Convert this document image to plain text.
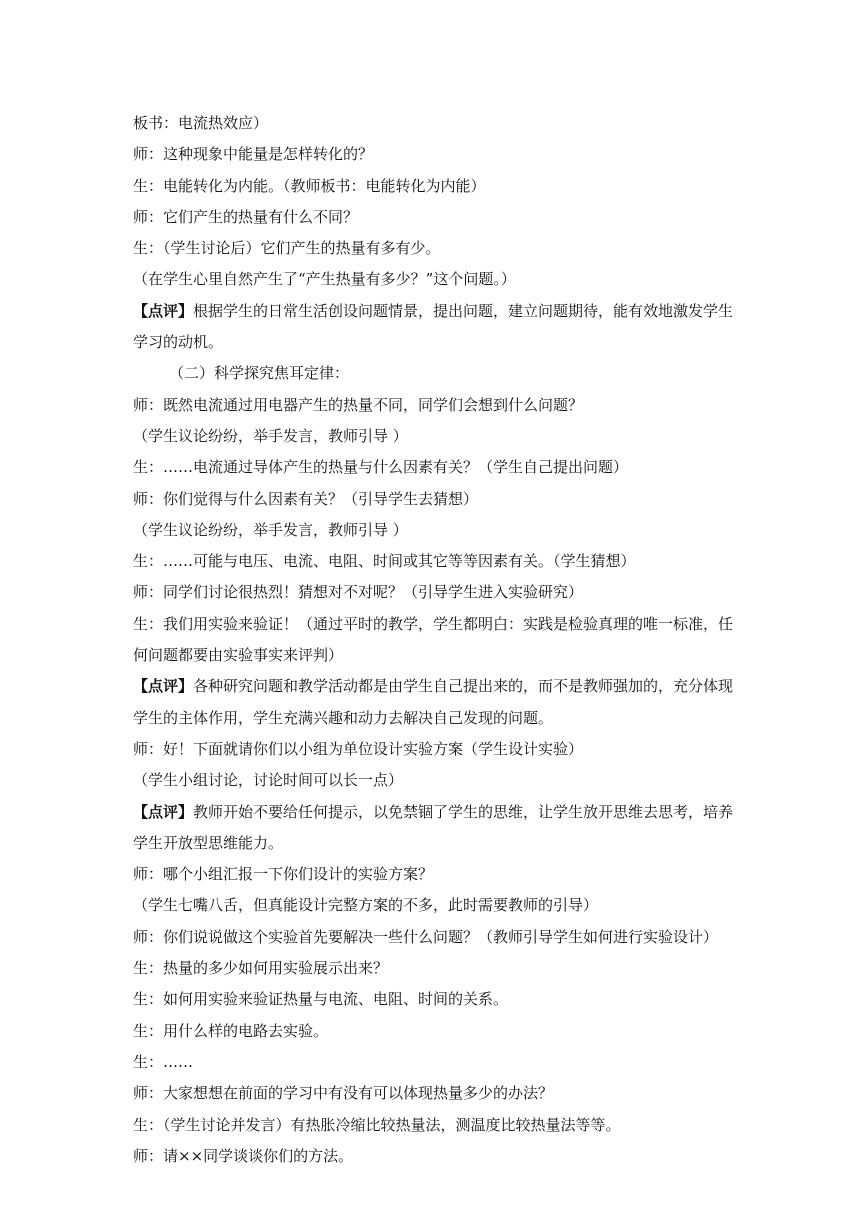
板书：电流热效应）

师：这种现象中能量是怎样转化的？

生：电能转化为内能。（教师板书：电能转化为内能）

师：它们产生的热量有什么不同？

生：（学生讨论后）它们产生的热量有多有少。

（在学生心里自然产生了“产生热量有多少？”这个问题。）

【点评】根据学生的日常生活创设问题情景，提出问题，建立问题期待，能有效地激发学生

学习的动机。

（二）科学探究焦耳定律：

师：既然电流通过用电器产生的热量不同，同学们会想到什么问题？

（学生议论纷纷，举手发言，教师引导 ）

生：……电流通过导体产生的热量与什么因素有关？（学生自己提出问题）

师：你们觉得与什么因素有关？（引导学生去猜想）

（学生议论纷纷，举手发言，教师引导 ）

生：……可能与电压、电流、电阻、时间或其它等等因素有关。（学生猜想）

师：同学们讨论很热烈！猜想对不对呢？（引导学生进入实验研究）

生：我们用实验来验证！（通过平时的教学，学生都明白：实践是检验真理的唯一标准，任

何问题都要由实验事实来评判）

【点评】各种研究问题和教学活动都是由学生自己提出来的，而不是教师强加的，充分体现

学生的主体作用，学生充满兴趣和动力去解决自己发现的问题。

师：好！下面就请你们以小组为单位设计实验方案（学生设计实验）

（学生小组讨论，讨论时间可以长一点）

【点评】教师开始不要给任何提示，以免禁锢了学生的思维，让学生放开思维去思考，培养

学生开放型思维能力。

师：哪个小组汇报一下你们设计的实验方案？

（学生七嘴八舌，但真能设计完整方案的不多，此时需要教师的引导）

师：你们说说做这个实验首先要解决一些什么问题？（教师引导学生如何进行实验设计）

生：热量的多少如何用实验展示出来？

生：如何用实验来验证热量与电流、电阻、时间的关系。

生：用什么样的电路去实验。

生：……

师：大家想想在前面的学习中有没有可以体现热量多少的办法？

生：（学生讨论并发言）有热胀冷缩比较热量法，测温度比较热量法等等。

师：请××同学谈谈你们的方法。
